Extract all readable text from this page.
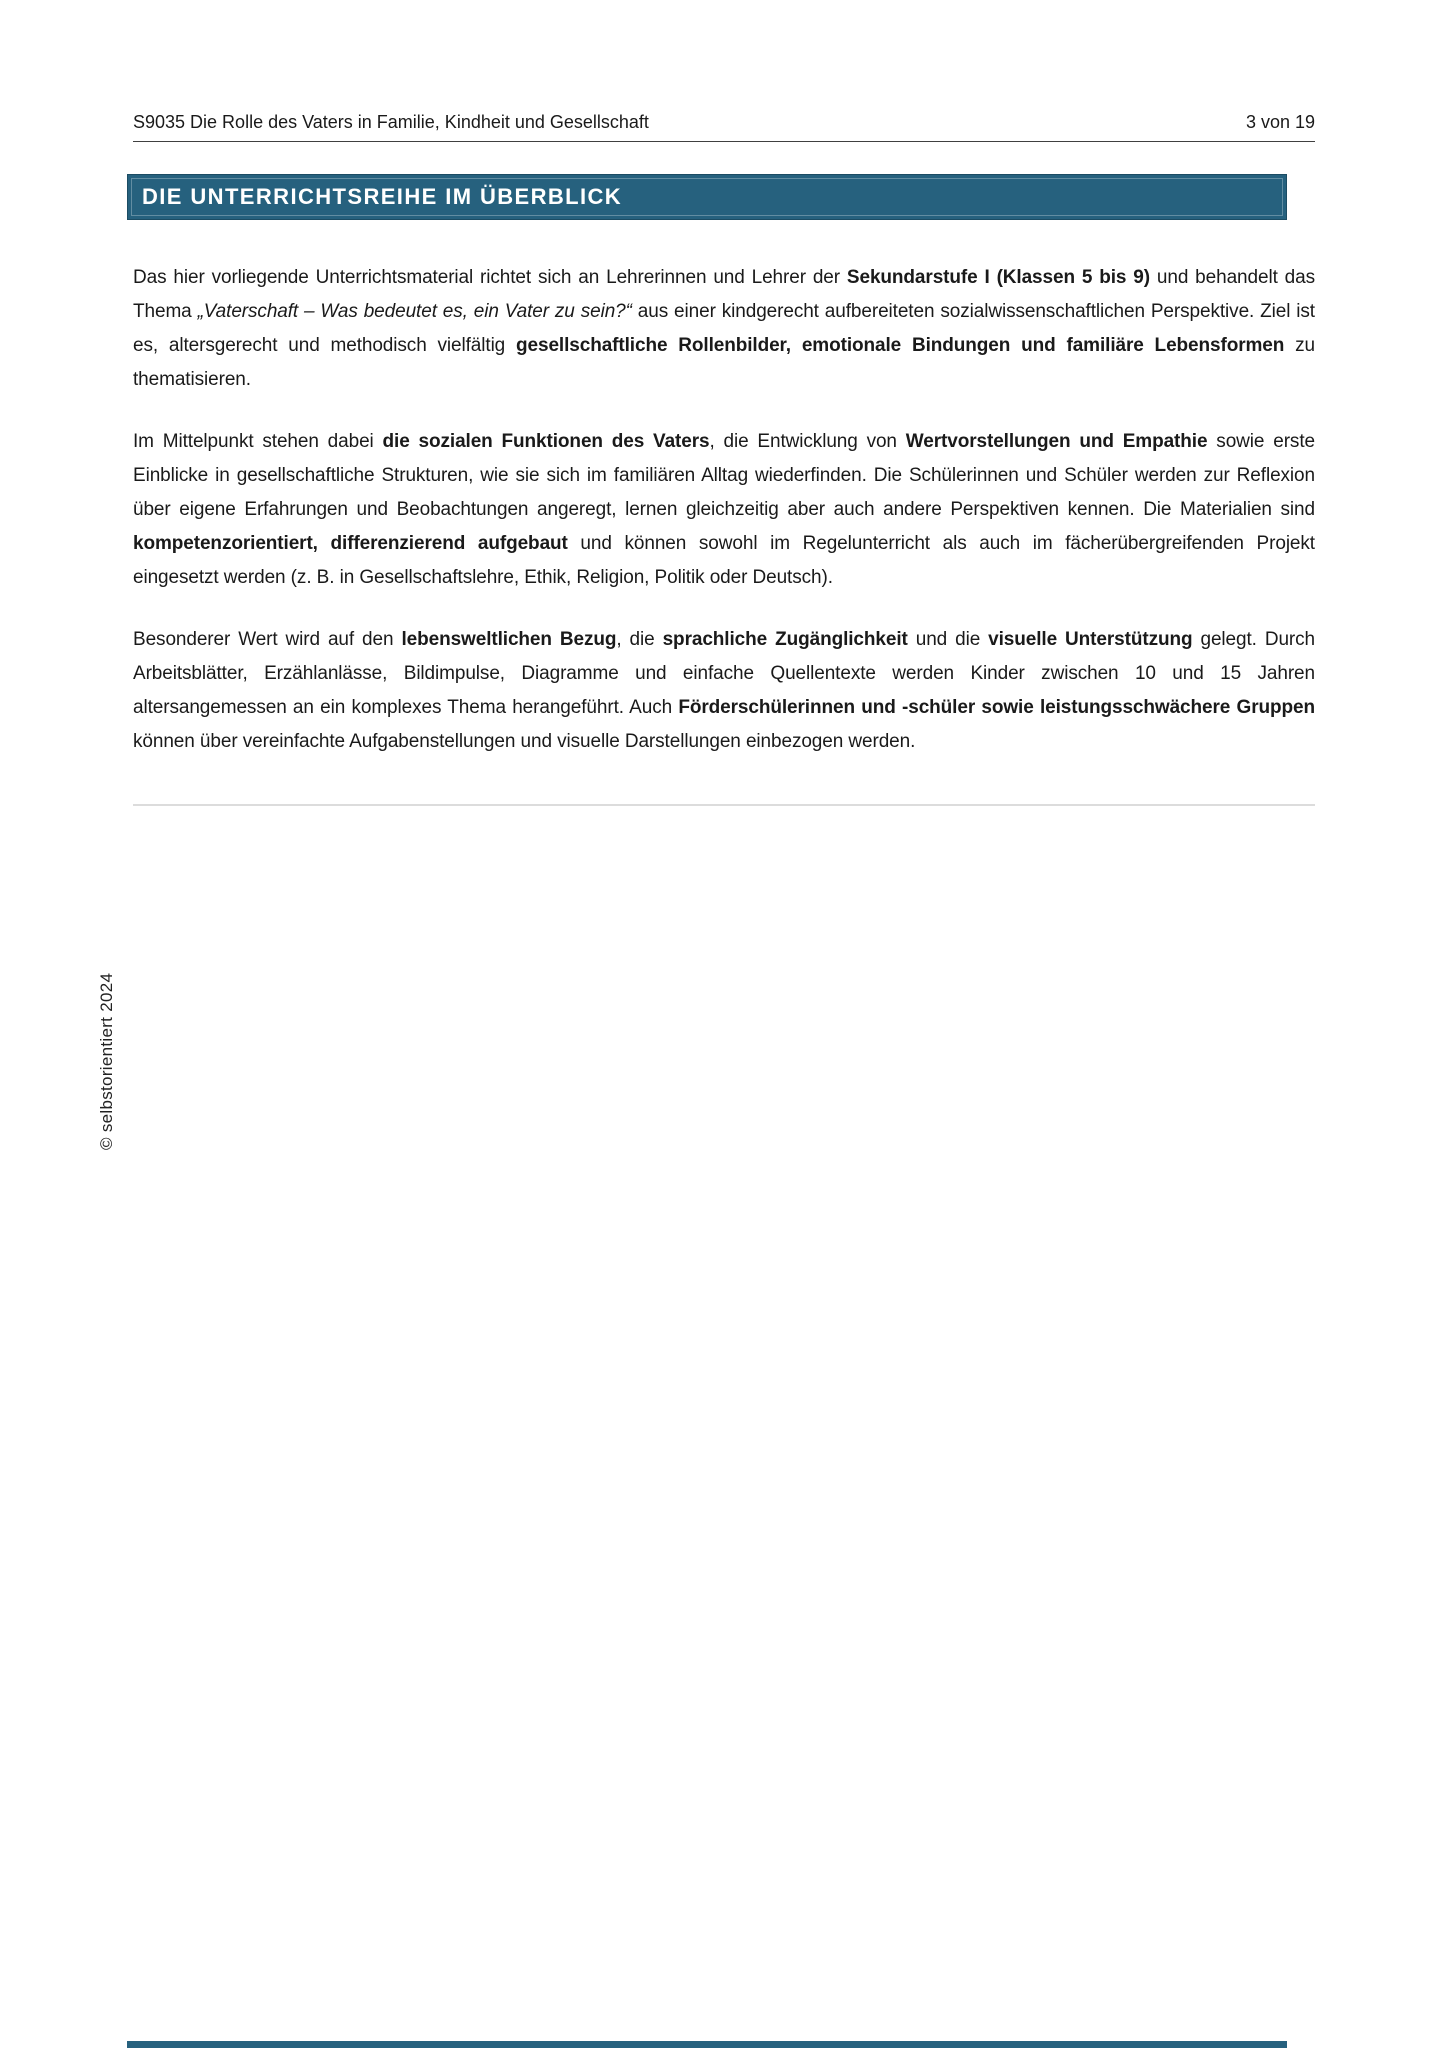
S9035 Die Rolle des Vaters in Familie, Kindheit und Gesellschaft	3 von 19
DIE UNTERRICHTSREIHE IM ÜBERBLICK

Das hier vorliegende Unterrichtsmaterial richtet sich an Lehrerinnen und Lehrer der Sekundarstufe I (Klassen 5 bis 9) und behandelt das Thema „Vaterschaft – Was bedeutet es, ein Vater zu sein?“ aus einer kindgerecht aufbereiteten sozialwissenschaftlichen Perspektive. Ziel ist es, altersgerecht und methodisch vielfältig gesellschaftliche Rollenbilder, emotionale Bindungen und familiäre Lebensformen zu thematisieren.

Im Mittelpunkt stehen dabei die sozialen Funktionen des Vaters, die Entwicklung von Wertvorstellungen und Empathie sowie erste Einblicke in gesellschaftliche Strukturen, wie sie sich im familiären Alltag wiederfinden. Die Schülerinnen und Schüler werden zur Reflexion über eigene Erfahrungen und Beobachtungen angeregt, lernen gleichzeitig aber auch andere Perspektiven kennen. Die Materialien sind kompetenzorientiert, differenzierend aufgebaut und können sowohl im Regelunterricht als auch im fächerübergreifenden Projekt eingesetzt werden (z. B. in Gesellschaftslehre, Ethik, Religion, Politik oder Deutsch).

Besonderer Wert wird auf den lebensweltlichen Bezug, die sprachliche Zugänglichkeit und die visuelle Unterstützung gelegt. Durch Arbeitsblätter, Erzählanlässe, Bildimpulse, Diagramme und einfache Quellentexte werden Kinder zwischen 10 und 15 Jahren altersangemessen an ein komplexes Thema herangeführt. Auch Förderschülerinnen und -schüler sowie leistungsschwächere Gruppen können über vereinfachte Aufgabenstellungen und visuelle Darstellungen einbezogen werden.

© selbstorientiert 2024
